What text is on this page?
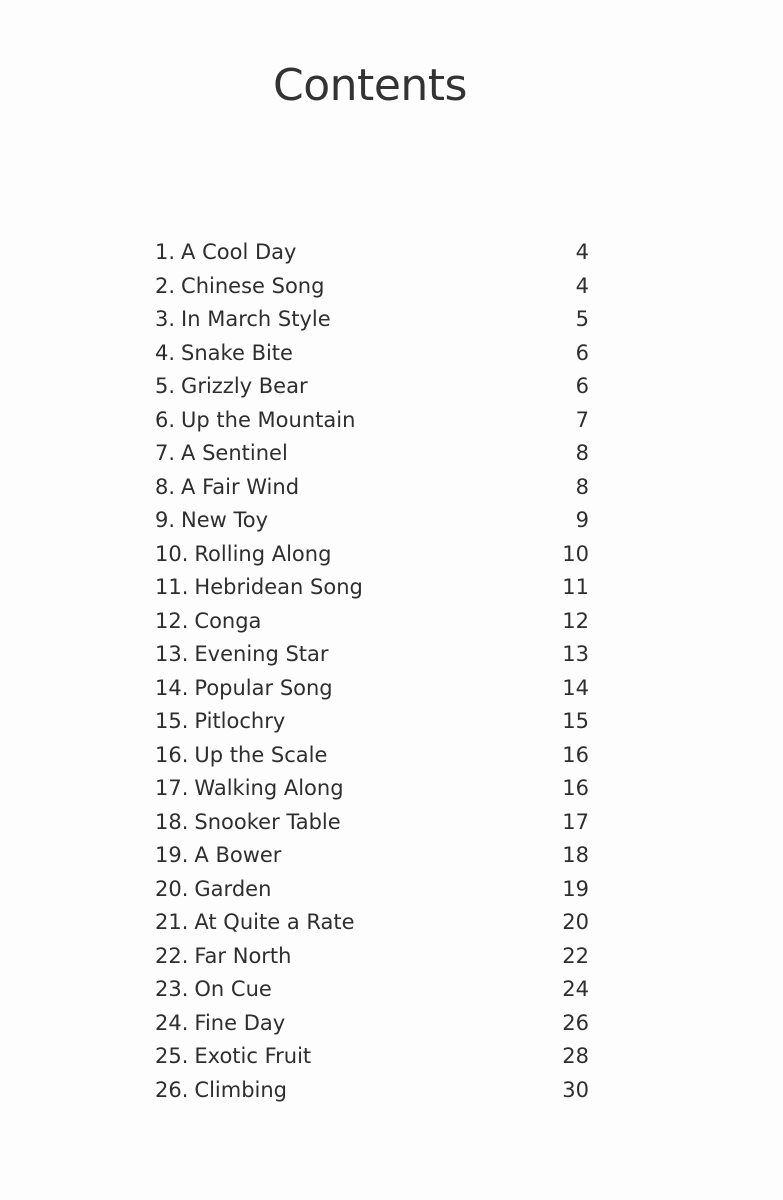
Contents
1. A Cool Day	4
2. Chinese Song	4
3. In March Style	5
4. Snake Bite	6
5. Grizzly Bear	6
6. Up the Mountain	7
7. A Sentinel	8
8. A Fair Wind	8
9. New Toy	9
10. Rolling Along	10
11. Hebridean Song	11
12. Conga	12
13. Evening Star	13
14. Popular Song	14
15. Pitlochry	15
16. Up the Scale	16
17. Walking Along	16
18. Snooker Table	17
19. A Bower	18
20. Garden	19
21. At Quite a Rate	20
22. Far North	22
23. On Cue	24
24. Fine Day	26
25. Exotic Fruit	28
26. Climbing	30
